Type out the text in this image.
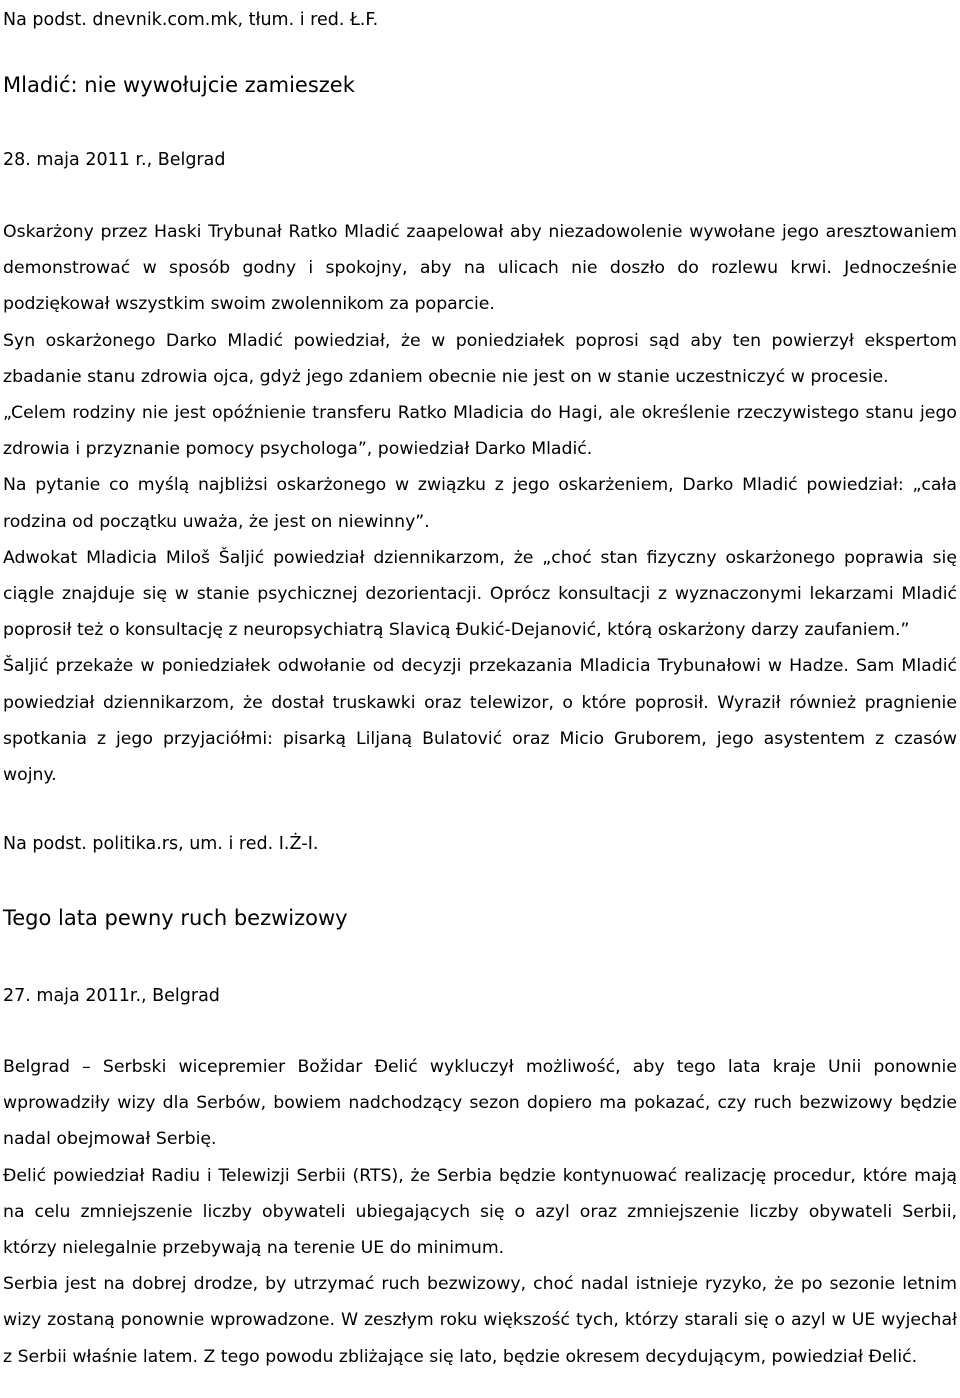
Na podst. dnevnik.com.mk, tłum. i red. Ł.F.

Mladić: nie wywołujcie zamieszek

28. maja 2011 r., Belgrad

Oskarżony przez Haski Trybunał Ratko Mladić zaapelował aby niezadowolenie wywołane jego aresztowaniem demonstrować w sposób godny i spokojny, aby na ulicach nie doszło do rozlewu krwi. Jednocześnie podziękował wszystkim swoim zwolennikom za poparcie.

Syn oskarżonego Darko Mladić powiedział, że w poniedziałek poprosi sąd aby ten powierzył ekspertom zbadanie stanu zdrowia ojca, gdyż jego zdaniem obecnie nie jest on w stanie uczestniczyć w procesie.

„Celem rodziny nie jest opóźnienie transferu Ratko Mladicia do Hagi, ale określenie rzeczywistego stanu jego zdrowia i przyznanie pomocy psychologa”, powiedział Darko Mladić.

Na pytanie co myślą najbliżsi oskarżonego w związku z jego oskarżeniem, Darko Mladić powiedział: „cała rodzina od początku uważa, że jest on niewinny”.

Adwokat Mladicia Miloš Šaljić powiedział dziennikarzom, że „choć stan fizyczny oskarżonego poprawia się ciągle znajduje się w stanie psychicznej dezorientacji. Oprócz konsultacji z wyznaczonymi lekarzami Mladić poprosił też o konsultację z neuropsychiatrą Slavicą Đukić-Dejanović, którą oskarżony darzy zaufaniem.”

Šaljić przekaże w poniedziałek odwołanie od decyzji przekazania Mladicia Trybunałowi w Hadze. Sam Mladić powiedział dziennikarzom, że dostał truskawki oraz telewizor, o które poprosił. Wyraził również pragnienie spotkania z jego przyjaciółmi: pisarką Liljaną Bulatović oraz Micio Gruborem, jego asystentem z czasów wojny.

Na podst. politika.rs, um. i red. I.Ż-I.

Tego lata pewny ruch bezwizowy

27. maja 2011r., Belgrad

Belgrad – Serbski wicepremier Božidar Đelić wykluczył możliwość, aby tego lata kraje Unii ponownie wprowadziły wizy dla Serbów, bowiem nadchodzący sezon dopiero ma pokazać, czy ruch bezwizowy będzie nadal obejmował Serbię.

Đelić powiedział Radiu i Telewizji Serbii (RTS), że Serbia będzie kontynuować realizację procedur, które mają na celu zmniejszenie liczby obywateli ubiegających się o azyl oraz zmniejszenie liczby obywateli Serbii, którzy nielegalnie przebywają na terenie UE do minimum.

Serbia jest na dobrej drodze, by utrzymać ruch bezwizowy, choć nadal istnieje ryzyko, że po sezonie letnim wizy zostaną ponownie wprowadzone. W zeszłym roku większość tych, którzy starali się o azyl w UE wyjechał z Serbii właśnie latem. Z tego powodu zbliżające się lato, będzie okresem decydującym, powiedział Đelić.
